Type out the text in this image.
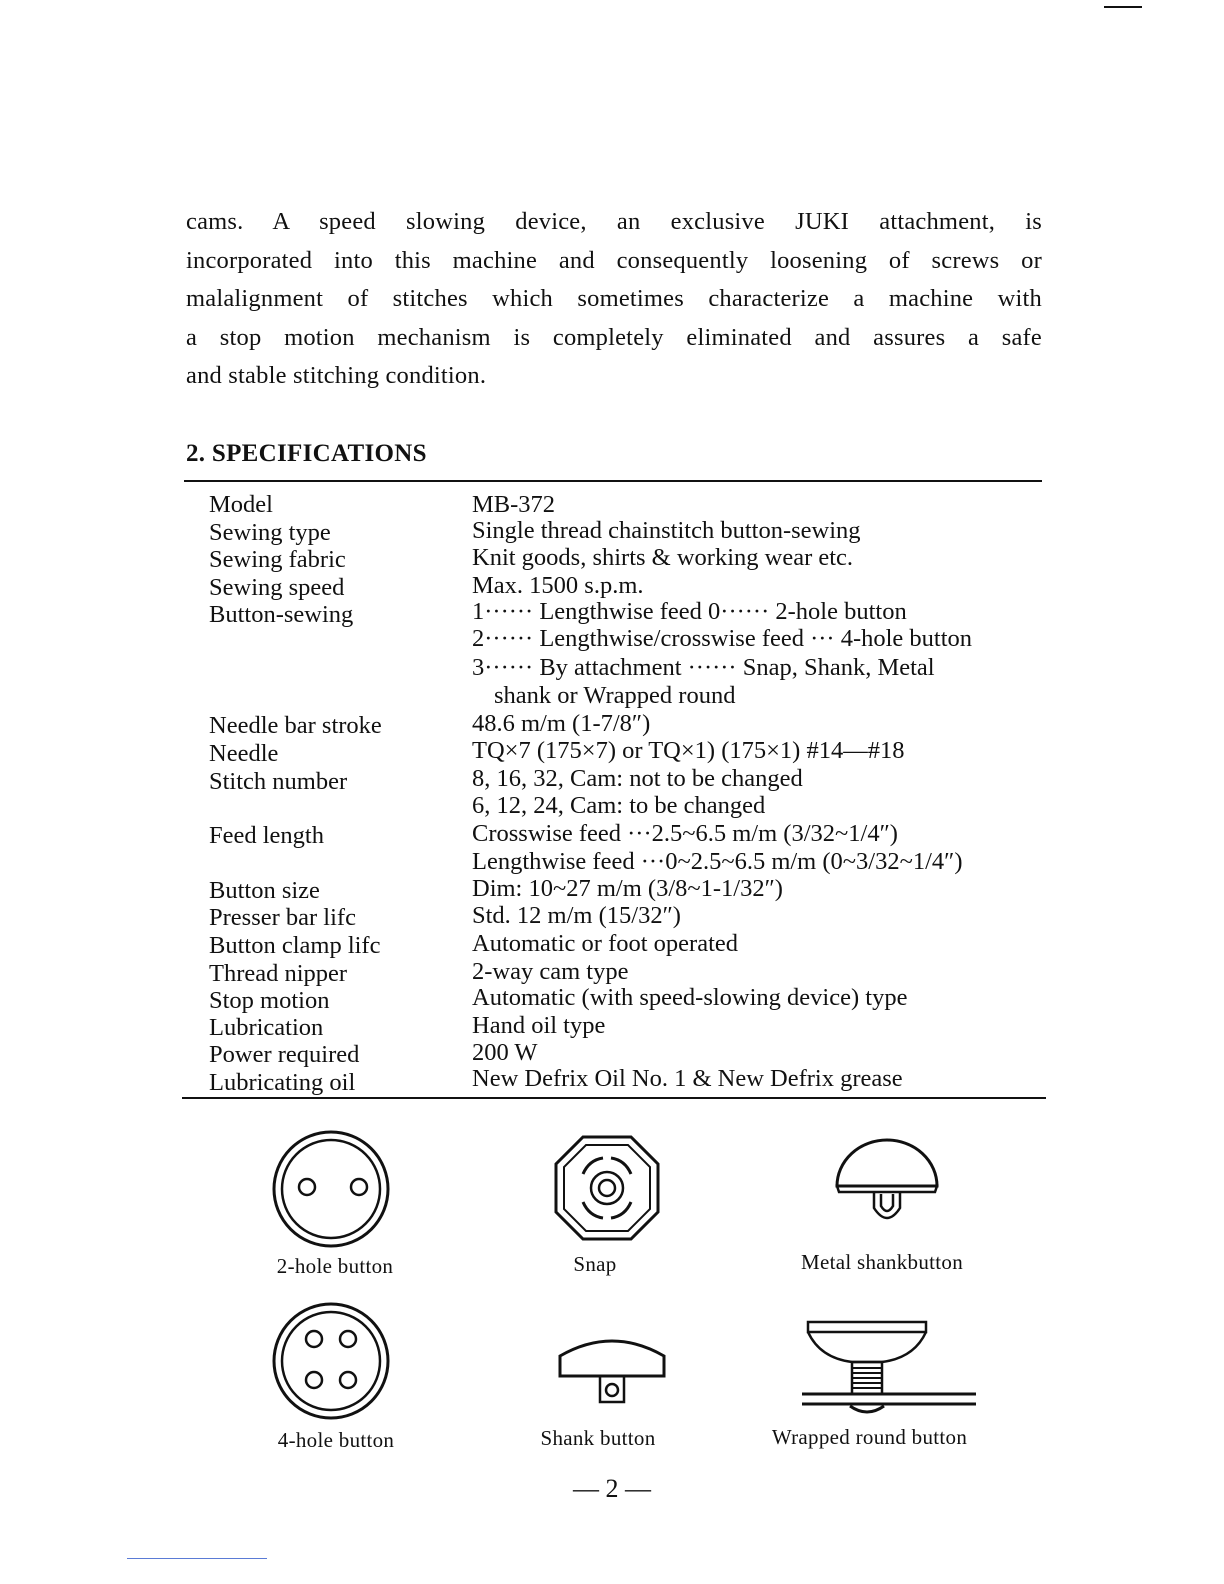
cams. A speed slowing device, an exclusive JUKI attachment, is

incorporated into this machine and consequently loosening of screws or

malalignment of stitches which sometimes characterize a machine with

a stop motion mechanism is completely eliminated and assures a safe

and stable stitching condition.

2. SPECIFICATIONS
Model	MB-372
Sewing type	Single thread chainstitch button-sewing
Sewing fabric	Knit goods, shirts & working wear etc.
Sewing speed	Max. 1500 s.p.m.
Button-sewing	1······ Lengthwise feed 0······ 2-hole button
2······ Lengthwise/crosswise feed ··· 4-hole button
3······ By attachment ······ Snap, Shank, Metal
shank or Wrapped round
Needle bar stroke	48.6 m/m (1-7/8″)
Needle	TQ×7 (175×7) or TQ×1) (175×1) #14—#18
Stitch number	8, 16, 32, Cam: not to be changed
6, 12, 24, Cam: to be changed
Feed length	Crosswise feed ···2.5~6.5 m/m (3/32~1/4″)
Lengthwise feed ···0~2.5~6.5 m/m (0~3/32~1/4″)
Button size	Dim: 10~27 m/m (3/8~1-1/32″)
Presser bar lifc	Std. 12 m/m (15/32″)
Button clamp lifc	Automatic or foot operated
Thread nipper	2-way cam type
Stop motion	Automatic (with speed-slowing device) type
Lubrication	Hand oil type
Power required	200 W
Lubricating oil	New Defrix Oil No. 1 & New Defrix grease
2-hole button	Snap	Metal shankbutton
4-hole button	Shank button	Wrapped round button
— 2 —
